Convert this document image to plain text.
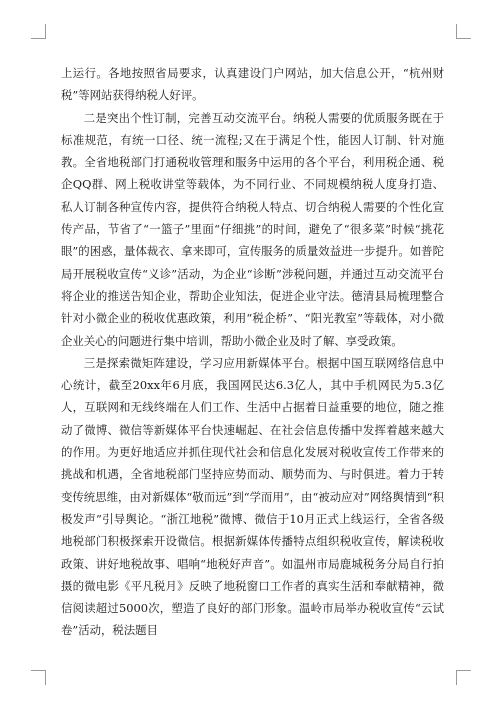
上运行。各地按照省局要求，认真建设门户网站，加大信息公开，“杭州财税”等网站获得纳税人好评。

二是突出个性订制，完善互动交流平台。纳税人需要的优质服务既在于标准规范，有统一口径、统一流程;又在于满足个性，能因人订制、针对施教。全省地税部门打通税收管理和服务中运用的各个平台，利用税企通、税企QQ群、网上税收讲堂等载体，为不同行业、不同规模纳税人度身打造、私人订制各种宣传内容，提供符合纳税人特点、切合纳税人需要的个性化宣传产品，节省了“一篮子”里面“仔细挑”的时间，避免了“很多菜”时候“挑花眼”的困惑，量体裁衣、拿来即可，宣传服务的质量效益进一步提升。如普陀局开展税收宣传“义诊”活动，为企业“诊断”涉税问题，并通过互动交流平台将企业的推送告知企业，帮助企业知法，促进企业守法。德清县局梳理整合针对小微企业的税收优惠政策，利用“税企桥”、“阳光教室”等载体，对小微企业关心的问题进行集中培训，帮助小微企业及时了解、享受政策。

三是探索微矩阵建设，学习应用新媒体平台。根据中国互联网络信息中心统计，截至20xx年6月底，我国网民达6.3亿人，其中手机网民为5.3亿人，互联网和无线终端在人们工作、生活中占据着日益重要的地位，随之推动了微博、微信等新媒体平台快速崛起、在社会信息传播中发挥着越来越大的作用。为更好地适应并抓住现代社会和信息化发展对税收宣传工作带来的挑战和机遇，全省地税部门坚持应势而动、顺势而为、与时俱进。着力于转变传统思维，由对新媒体“敬而远”到“学而用”，由“被动应对”网络舆情到“积极发声”引导舆论。“浙江地税”微博、微信于10月正式上线运行，全省各级地税部门积极探索开设微信。根据新媒体传播特点组织税收宣传，解读税收政策、讲好地税故事、唱响“地税好声音”。如温州市局鹿城税务分局自行拍摄的微电影《平凡税月》反映了地税窗口工作者的真实生活和奉献精神，微信阅读超过5000次，塑造了良好的部门形象。温岭市局举办税收宣传“云试卷”活动，税法题目
